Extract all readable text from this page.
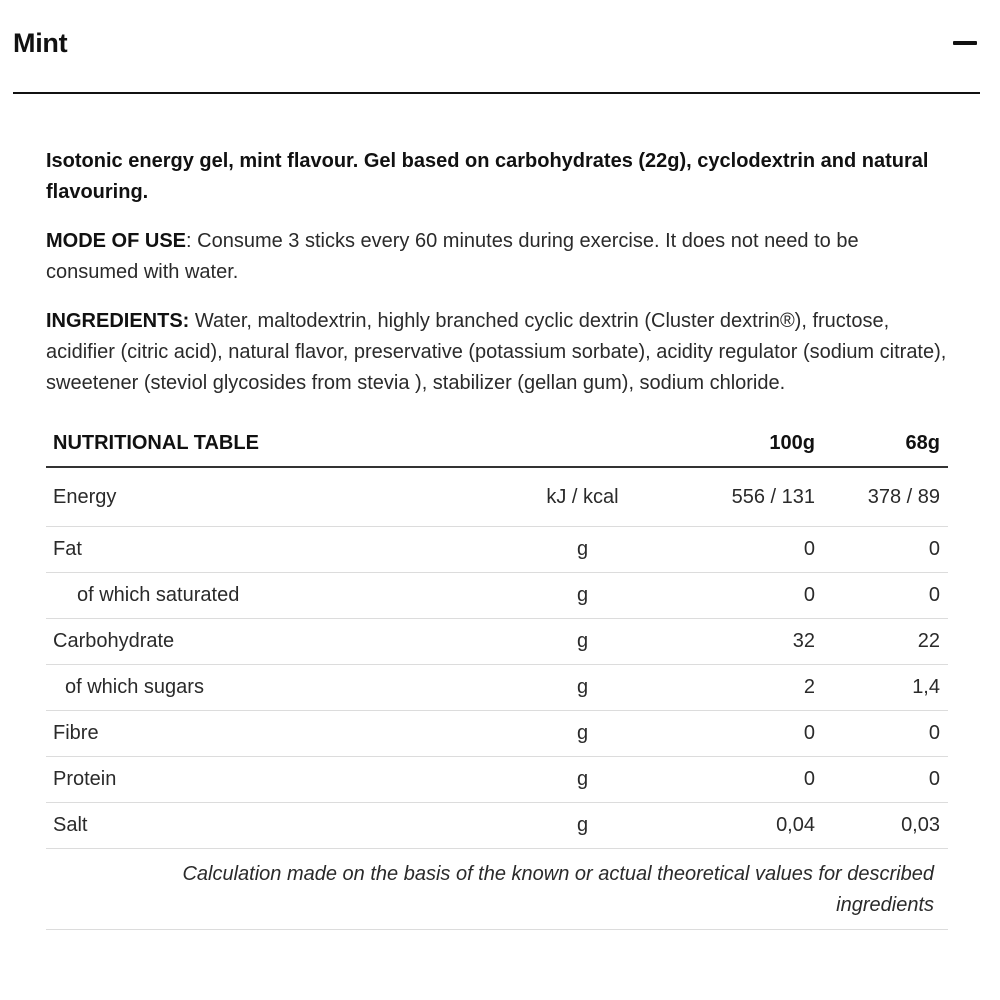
Mint

Isotonic energy gel, mint flavour. Gel based on carbohydrates (22g), cyclodextrin and natural flavouring.

MODE OF USE: Consume 3 sticks every 60 minutes during exercise. It does not need to be consumed with water.

INGREDIENTS: Water, maltodextrin, highly branched cyclic dextrin (Cluster dextrin®), fructose, acidifier (citric acid), natural flavor, preservative (potassium sorbate), acidity regulator (sodium citrate), sweetener (steviol glycosides from stevia ), stabilizer (gellan gum), sodium chloride.

NUTRITIONAL TABLE		100g	68g
Energy	kJ / kcal	556 / 131	378 / 89
Fat	g	0	0
of which saturated	g	0	0
Carbohydrate	g	32	22
of which sugars	g	2	1,4
Fibre	g	0	0
Protein	g	0	0
Salt	g	0,04	0,03
Calculation made on the basis of the known or actual theoretical values for described ingredients			
